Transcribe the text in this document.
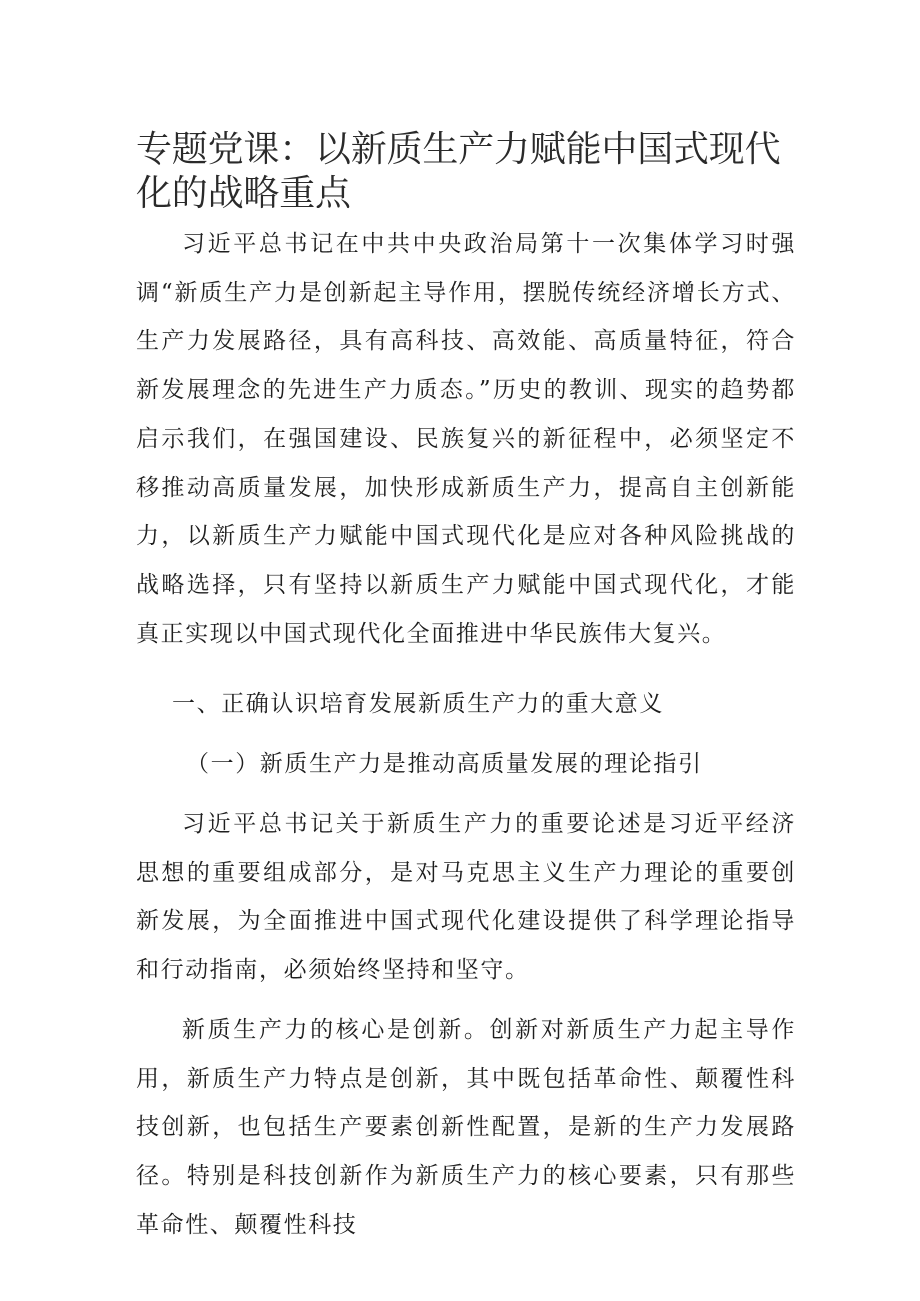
专题党课：以新质生产力赋能中国式现代化的战略重点

习近平总书记在中共中央政治局第十一次集体学习时强调“新质生产力是创新起主导作用，摆脱传统经济增长方式、生产力发展路径，具有高科技、高效能、高质量特征，符合新发展理念的先进生产力质态。”历史的教训、现实的趋势都启示我们，在强国建设、民族复兴的新征程中，必须坚定不移推动高质量发展，加快形成新质生产力，提高自主创新能力，以新质生产力赋能中国式现代化是应对各种风险挑战的战略选择，只有坚持以新质生产力赋能中国式现代化，才能真正实现以中国式现代化全面推进中华民族伟大复兴。

一、正确认识培育发展新质生产力的重大意义
（一）新质生产力是推动高质量发展的理论指引

习近平总书记关于新质生产力的重要论述是习近平经济思想的重要组成部分，是对马克思主义生产力理论的重要创新发展，为全面推进中国式现代化建设提供了科学理论指导和行动指南，必须始终坚持和坚守。

新质生产力的核心是创新。创新对新质生产力起主导作用，新质生产力特点是创新，其中既包括革命性、颠覆性科技创新，也包括生产要素创新性配置，是新的生产力发展路径。特别是科技创新作为新质生产力的核心要素，只有那些革命性、颠覆性科技
